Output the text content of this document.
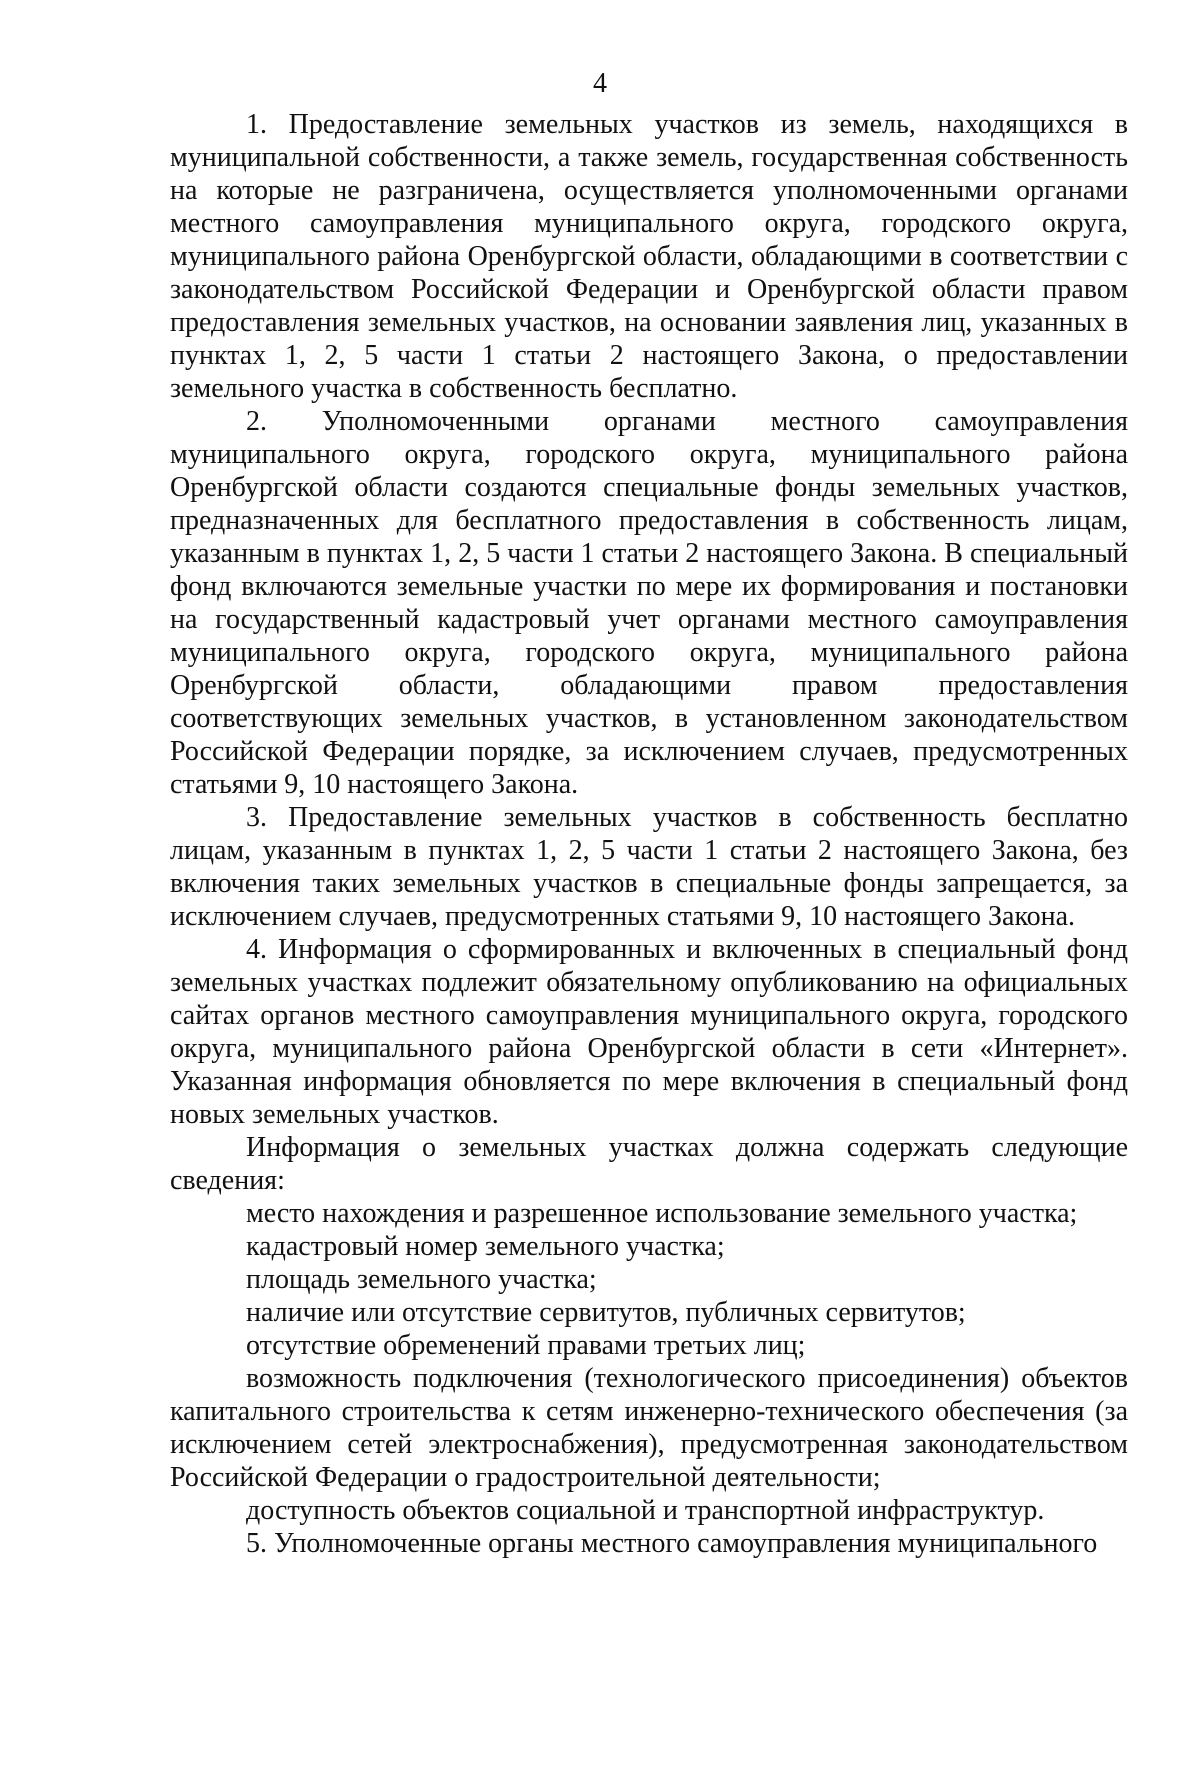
4

1. Предоставление земельных участков из земель, находящихся в муниципальной собственности, а также земель, государственная собственность на которые не разграничена, осуществляется уполномоченными органами местного самоуправления муниципального округа, городского округа, муниципального района Оренбургской области, обладающими в соответствии с законодательством Российской Федерации и Оренбургской области правом предоставления земельных участков, на основании заявления лиц, указанных в пунктах 1, 2, 5 части 1 статьи 2 настоящего Закона, о предоставлении земельного участка в собственность бесплатно.

2. Уполномоченными органами местного самоуправления муниципального округа, городского округа, муниципального района Оренбургской области создаются специальные фонды земельных участков, предназначенных для бесплатного предоставления в собственность лицам, указанным в пунктах 1, 2, 5 части 1 статьи 2 настоящего Закона. В специальный фонд включаются земельные участки по мере их формирования и постановки на государственный кадастровый учет органами местного самоуправления муниципального округа, городского округа, муниципального района Оренбургской области, обладающими правом предоставления соответствующих земельных участков, в установленном законодательством Российской Федерации порядке, за исключением случаев, предусмотренных статьями 9, 10 настоящего Закона.

3. Предоставление земельных участков в собственность бесплатно лицам, указанным в пунктах 1, 2, 5 части 1 статьи 2 настоящего Закона, без включения таких земельных участков в специальные фонды запрещается, за исключением случаев, предусмотренных статьями 9, 10 настоящего Закона.

4. Информация о сформированных и включенных в специальный фонд земельных участках подлежит обязательному опубликованию на официальных сайтах органов местного самоуправления муниципального округа, городского округа, муниципального района Оренбургской области в сети «Интернет». Указанная информация обновляется по мере включения в специальный фонд новых земельных участков.

Информация о земельных участках должна содержать следующие сведения:

место нахождения и разрешенное использование земельного участка;

кадастровый номер земельного участка;

площадь земельного участка;

наличие или отсутствие сервитутов, публичных сервитутов;

отсутствие обременений правами третьих лиц;

возможность подключения (технологического присоединения) объектов капитального строительства к сетям инженерно-технического обеспечения (за исключением сетей электроснабжения), предусмотренная законодательством Российской Федерации о градостроительной деятельности;

доступность объектов социальной и транспортной инфраструктур.

5. Уполномоченные органы местного самоуправления муниципального
